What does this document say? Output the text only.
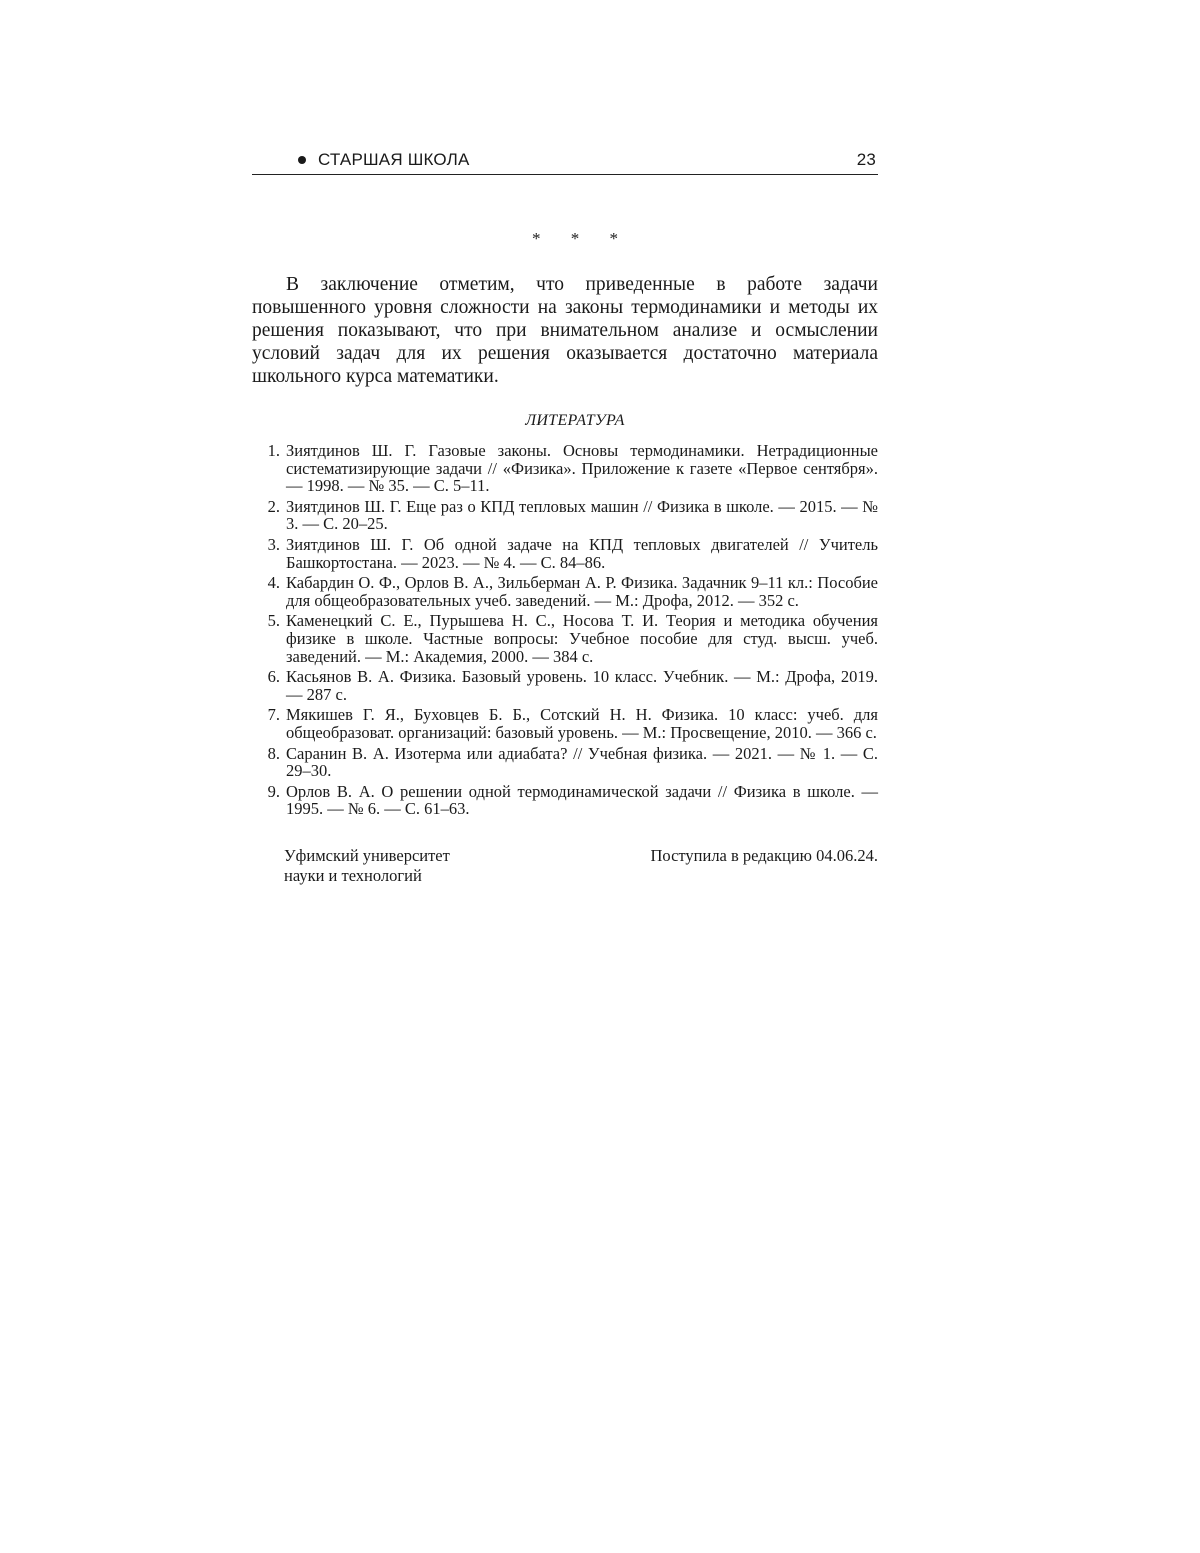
СТАРШАЯ ШКОЛА	23
* * *

В заключение отметим, что приведенные в работе задачи повышенного уровня сложности на законы термодинамики и методы их решения показывают, что при внимательном анализе и осмыслении условий задач для их решения оказывается достаточно материала школьного курса математики.

ЛИТЕРАТУРА
1. Зиятдинов Ш. Г. Газовые законы. Основы термодинамики. Нетрадиционные систематизирующие задачи // «Физика». Приложение к газете «Первое сентября». — 1998. — № 35. — С. 5–11.
2. Зиятдинов Ш. Г. Еще раз о КПД тепловых машин // Физика в школе. — 2015. — № 3. — С. 20–25.
3. Зиятдинов Ш. Г. Об одной задаче на КПД тепловых двигателей // Учитель Башкортостана. — 2023. — № 4. — С. 84–86.
4. Кабардин О. Ф., Орлов В. А., Зильберман А. Р. Физика. Задачник 9–11 кл.: Пособие для общеобразовательных учеб. заведений. — М.: Дрофа, 2012. — 352 с.
5. Каменецкий С. Е., Пурышева Н. С., Носова Т. И. Теория и методика обучения физике в школе. Частные вопросы: Учебное пособие для студ. высш. учеб. заведений. — М.: Академия, 2000. — 384 с.
6. Касьянов В. А. Физика. Базовый уровень. 10 класс. Учебник. — М.: Дрофа, 2019. — 287 с.
7. Мякишев Г. Я., Буховцев Б. Б., Сотский Н. Н. Физика. 10 класс: учеб. для общеобразоват. организаций: базовый уровень. — М.: Просвещение, 2010. — 366 с.
8. Саранин В. А. Изотерма или адиабата? // Учебная физика. — 2021. — № 1. — С. 29–30.
9. Орлов В. А. О решении одной термодинамической задачи // Физика в школе. — 1995. — № 6. — С. 61–63.
Уфимский университет
науки и технологий
Поступила в редакцию 04.06.24.
